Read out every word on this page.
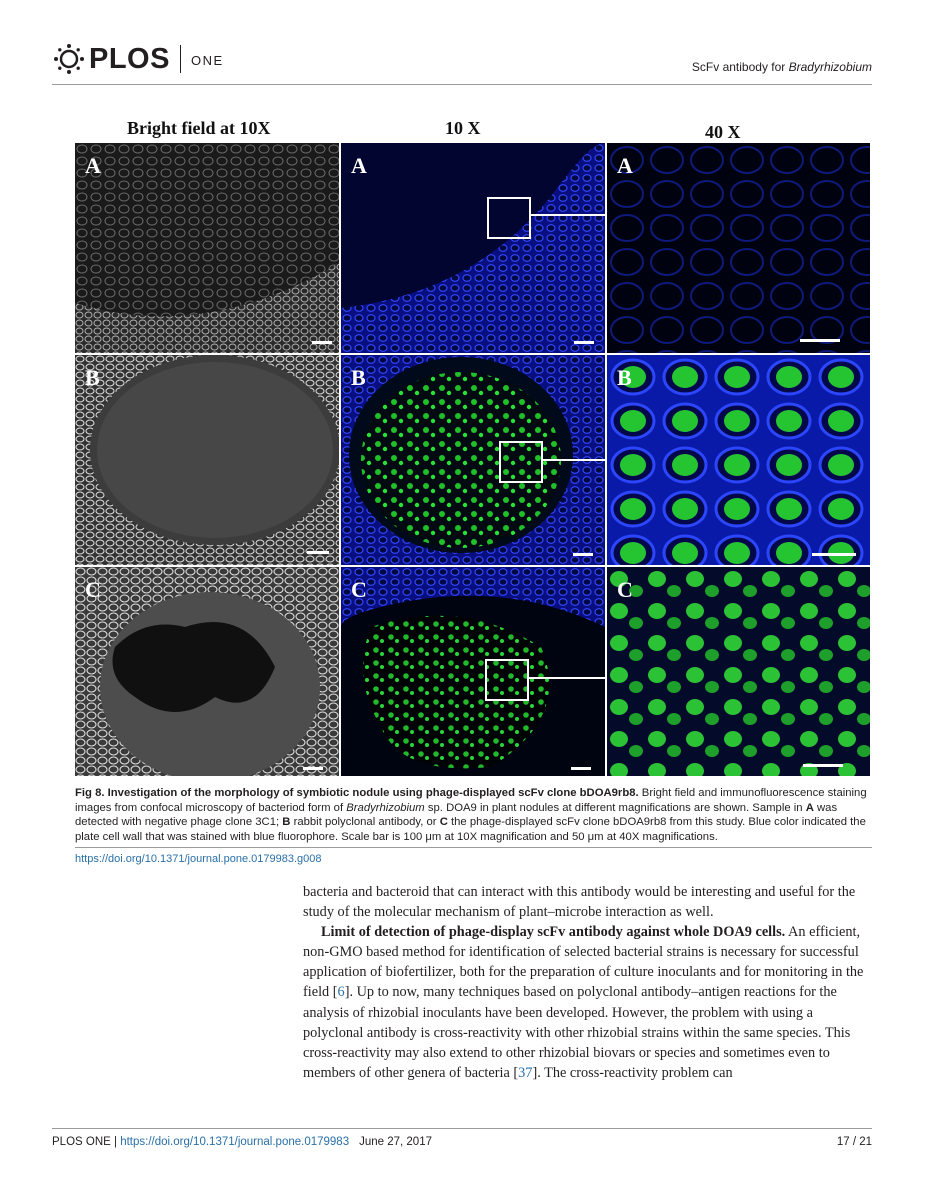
PLOS ONE	ScFv antibody for Bradyrhizobium
Bright field at 10X	10 X	40 X
A	A	A
B	B	B
C	C	C
Fig 8. Investigation of the morphology of symbiotic nodule using phage-displayed scFv clone bDOA9rb8. Bright field and immunofluorescence staining images from confocal microscopy of bacteriod form of Bradyrhizobium sp. DOA9 in plant nodules at different magnifications are shown. Sample in A was detected with negative phage clone 3C1; B rabbit polyclonal antibody, or C the phage-displayed scFv clone bDOA9rb8 from this study. Blue color indicated the plate cell wall that was stained with blue fluorophore. Scale bar is 100 μm at 10X magnification and 50 μm at 40X magnifications.
https://doi.org/10.1371/journal.pone.0179983.g008

bacteria and bacteroid that can interact with this antibody would be interesting and useful for the study of the molecular mechanism of plant–microbe interaction as well.

Limit of detection of phage-display scFv antibody against whole DOA9 cells. An efficient, non-GMO based method for identification of selected bacterial strains is necessary for successful application of biofertilizer, both for the preparation of culture inoculants and for monitoring in the field [6]. Up to now, many techniques based on polyclonal antibody–antigen reactions for the analysis of rhizobial inoculants have been developed. However, the problem with using a polyclonal antibody is cross-reactivity with other rhizobial strains within the same species. This cross-reactivity may also extend to other rhizobial biovars or species and sometimes even to members of other genera of bacteria [37]. The cross-reactivity problem can

PLOS ONE | https://doi.org/10.1371/journal.pone.0179983 June 27, 2017	17 / 21
